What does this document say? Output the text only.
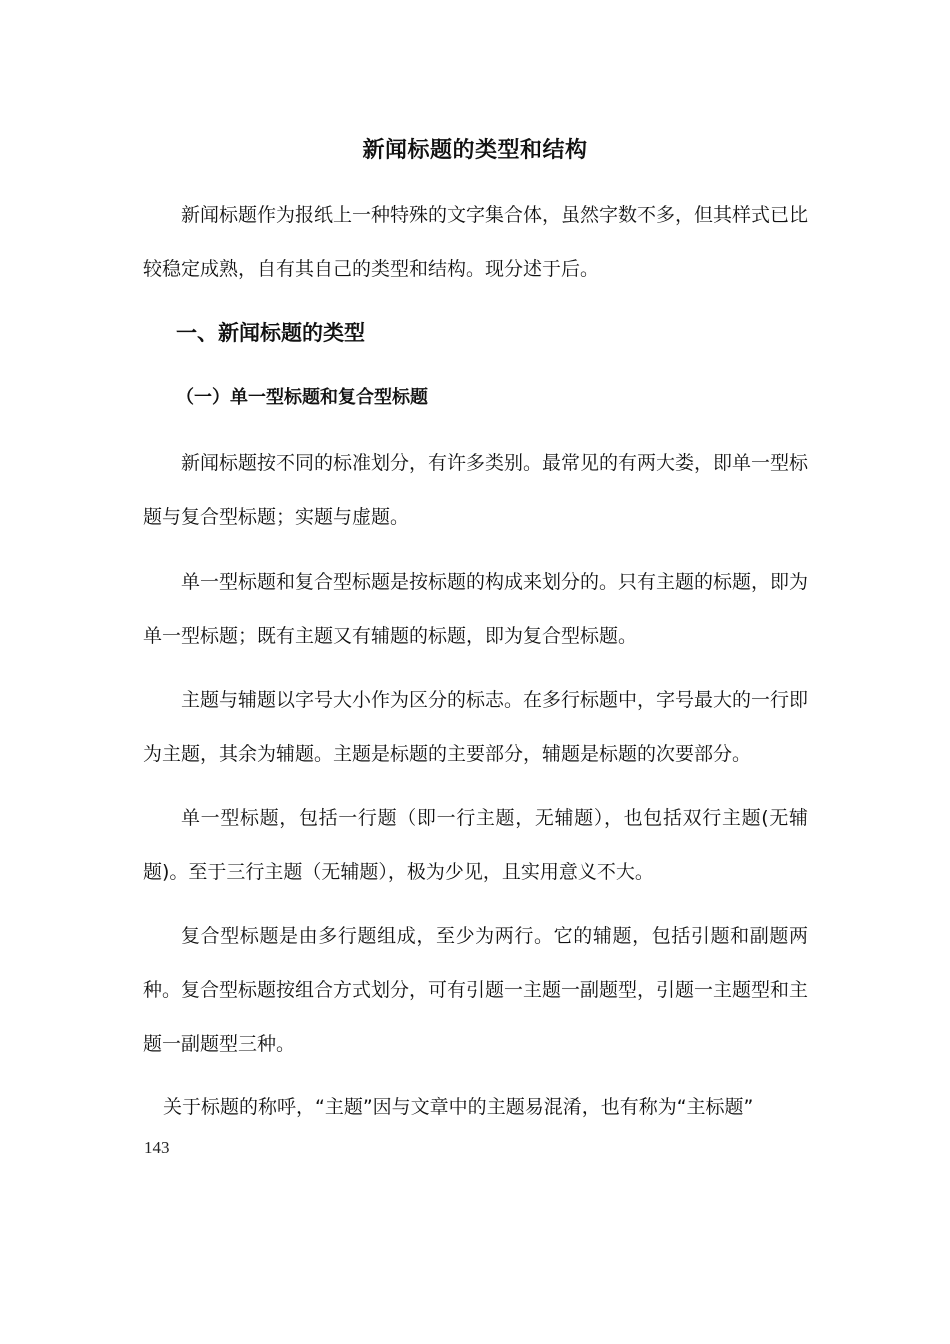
新闻标题的类型和结构

新闻标题作为报纸上一种特殊的文字集合体，虽然字数不多，但其样式已比较稳定成熟，自有其自己的类型和结构。现分述于后。

一、新闻标题的类型
（一）单一型标题和复合型标题

新闻标题按不同的标准划分，有许多类别。最常见的有两大娄，即单一型标题与复合型标题；实题与虚题。

单一型标题和复合型标题是按标题的构成来划分的。只有主题的标题，即为单一型标题；既有主题又有辅题的标题，即为复合型标题。

主题与辅题以字号大小作为区分的标志。在多行标题中，字号最大的一行即为主题，其余为辅题。主题是标题的主要部分，辅题是标题的次要部分。

单一型标题，包括一行题（即一行主题，无辅题），也包括双行主题(无辅题)。至于三行主题（无辅题），极为少见，且实用意义不大。

复合型标题是由多行题组成，至少为两行。它的辅题，包括引题和副题两种。复合型标题按组合方式划分，可有引题一主题一副题型，引题一主题型和主题一副题型三种。

关于标题的称呼，“主题”因与文章中的主题易混淆，也有称为“主标题”
143
